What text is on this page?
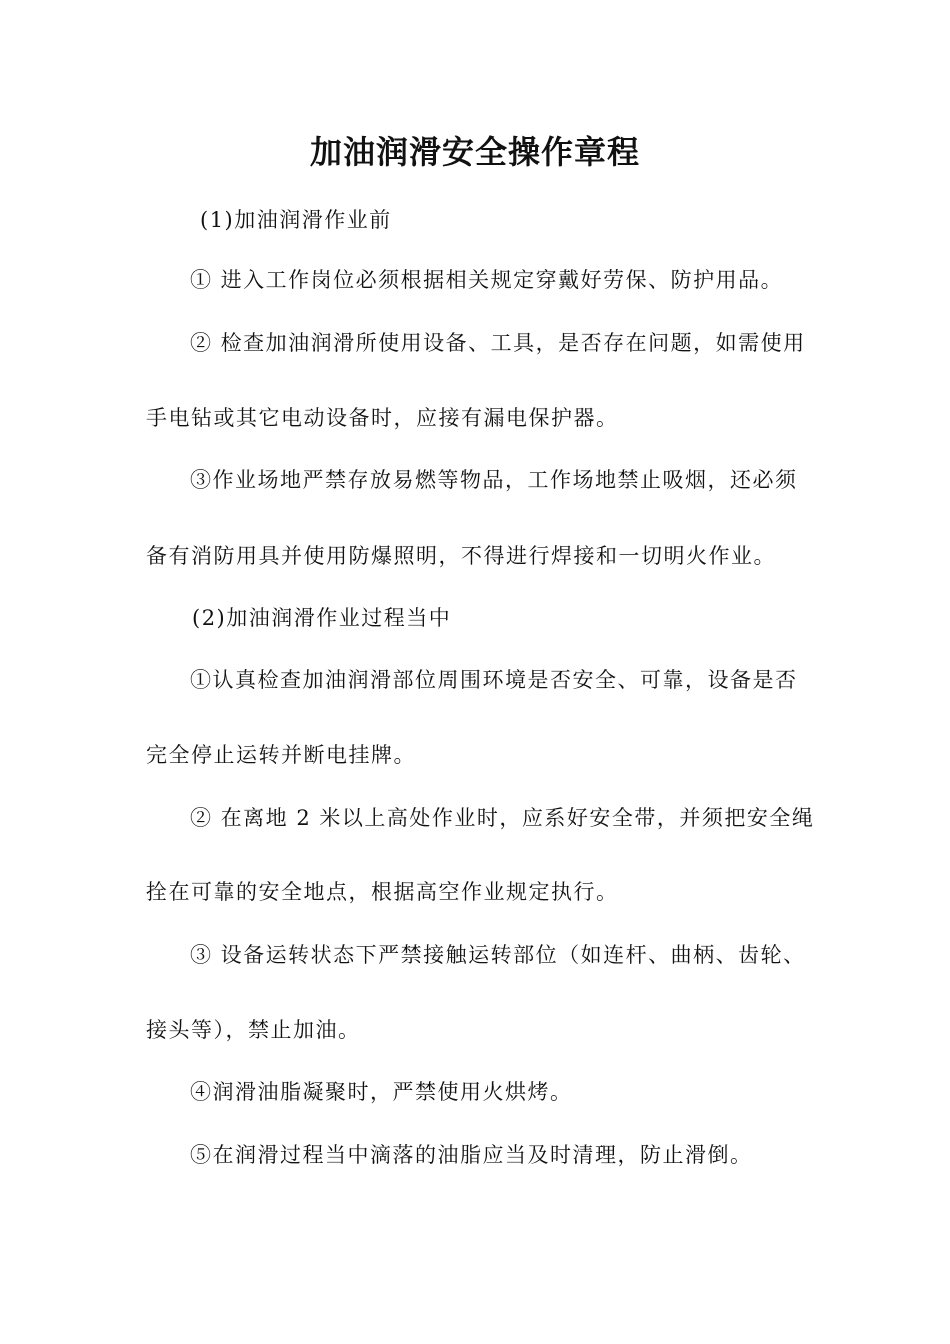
加油润滑安全操作章程
(1)加油润滑作业前
① 进入工作岗位必须根据相关规定穿戴好劳保、防护用品。
② 检查加油润滑所使用设备、工具，是否存在问题，如需使用
手电钻或其它电动设备时，应接有漏电保护器。
③作业场地严禁存放易燃等物品，工作场地禁止吸烟，还必须
备有消防用具并使用防爆照明，不得进行焊接和一切明火作业。
(2)加油润滑作业过程当中
①认真检查加油润滑部位周围环境是否安全、可靠，设备是否
完全停止运转并断电挂牌。
② 在离地 2 米以上高处作业时，应系好安全带，并须把安全绳
拴在可靠的安全地点，根据高空作业规定执行。
③ 设备运转状态下严禁接触运转部位（如连杆、曲柄、齿轮、
接头等），禁止加油。
④润滑油脂凝聚时，严禁使用火烘烤。
⑤在润滑过程当中滴落的油脂应当及时清理，防止滑倒。
